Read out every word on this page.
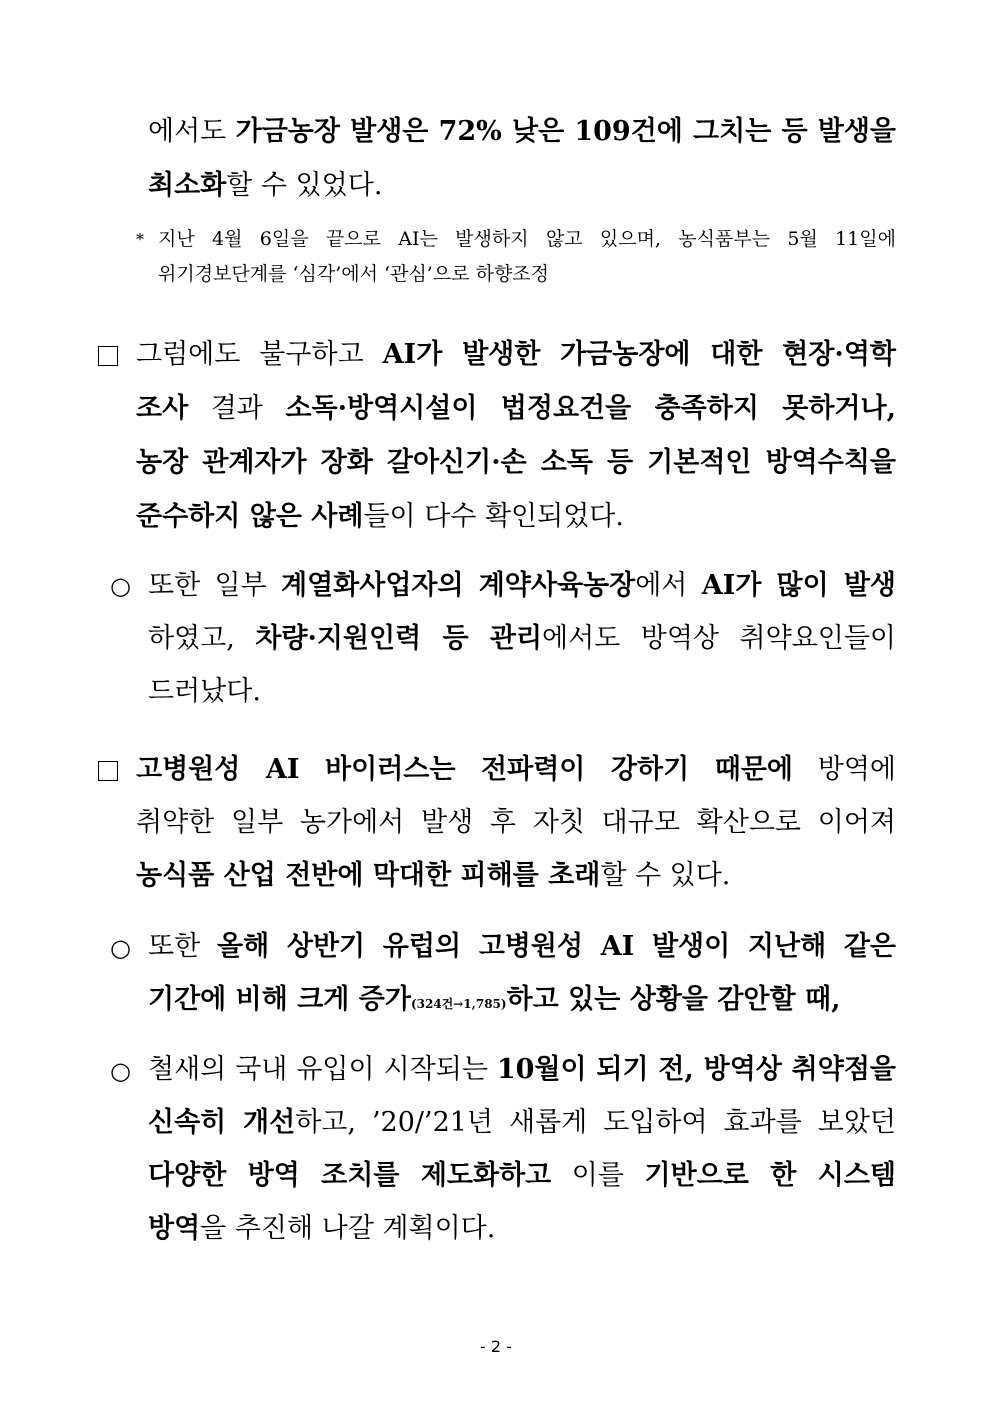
에서도 가금농장 발생은 72% 낮은 109건에 그치는 등 발생을
최소화할 수 있었다.
* 지난 4월 6일을 끝으로 AI는 발생하지 않고 있으며, 농식품부는 5월 11일에
위기경보단계를 ‘심각’에서 ‘관심’으로 하향조정
그럼에도 불구하고 AI가 발생한 가금농장에 대한 현장·역학
조사 결과 소독·방역시설이 법정요건을 충족하지 못하거나,
농장 관계자가 장화 갈아신기·손 소독 등 기본적인 방역수칙을
준수하지 않은 사례들이 다수 확인되었다.
○ 또한 일부 계열화사업자의 계약사육농장에서 AI가 많이 발생
하였고, 차량·지원인력 등 관리에서도 방역상 취약요인들이
드러났다.
고병원성 AI 바이러스는 전파력이 강하기 때문에 방역에
취약한 일부 농가에서 발생 후 자칫 대규모 확산으로 이어져
농식품 산업 전반에 막대한 피해를 초래할 수 있다.
○ 또한 올해 상반기 유럽의 고병원성 AI 발생이 지난해 같은
기간에 비해 크게 증가(324건→1,785)하고 있는 상황을 감안할 때,
○ 철새의 국내 유입이 시작되는 10월이 되기 전, 방역상 취약점을
신속히 개선하고, ’20/’21년 새롭게 도입하여 효과를 보았던
다양한 방역 조치를 제도화하고 이를 기반으로 한 시스템
방역을 추진해 나갈 계획이다.
- 2 -
